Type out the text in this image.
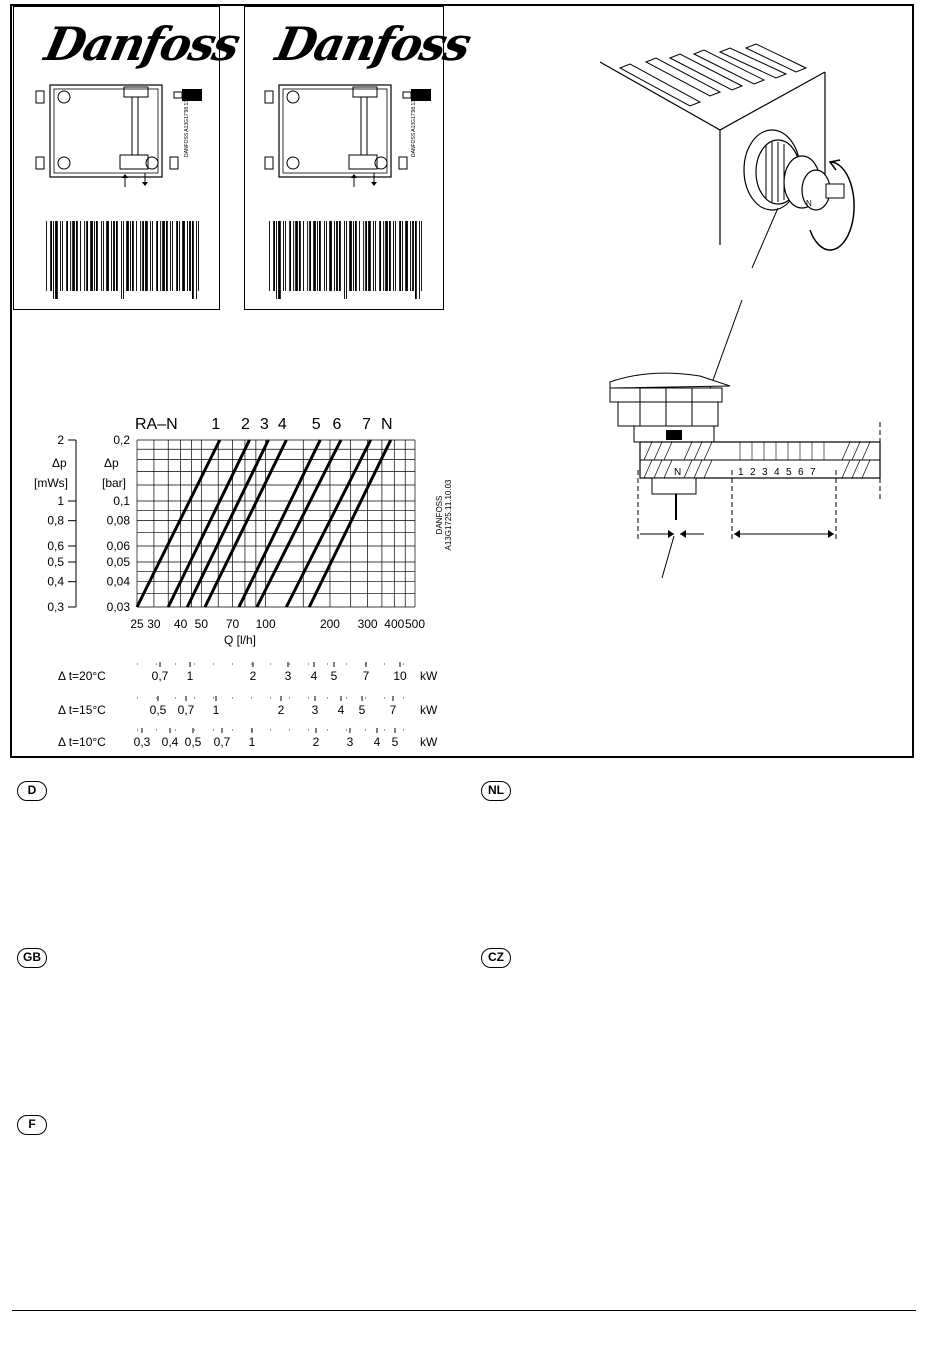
Danfoss
DANFOSS A13G17'98.13
Danfoss
DANFOSS A13G17'98.13
N
N	1 2 3 4 5 6 7
RA–N 1 2 3 4 5 6 7 N
0,2
2
0,1
1
0,08
0,8
0,06
0,6
0,05
0,5
0,04
0,4
0,03
0,3
Δp
[mWs]
Δp
[bar]
25 30 40 50 70 100	200 300 400 500
Q [l/h]
DANFOSS A13G1725.11.10.03
Δ t=20°C	0,7 1	2 3 4 5 7 10 kW
Δ t=15°C	0,5 0,7 1	2 3 4 5 7 kW
Δ t=10°C 0,3 0,4 0,5 0,7 1	2 3 4 5 kW
D
GB
F
NL
CZ
